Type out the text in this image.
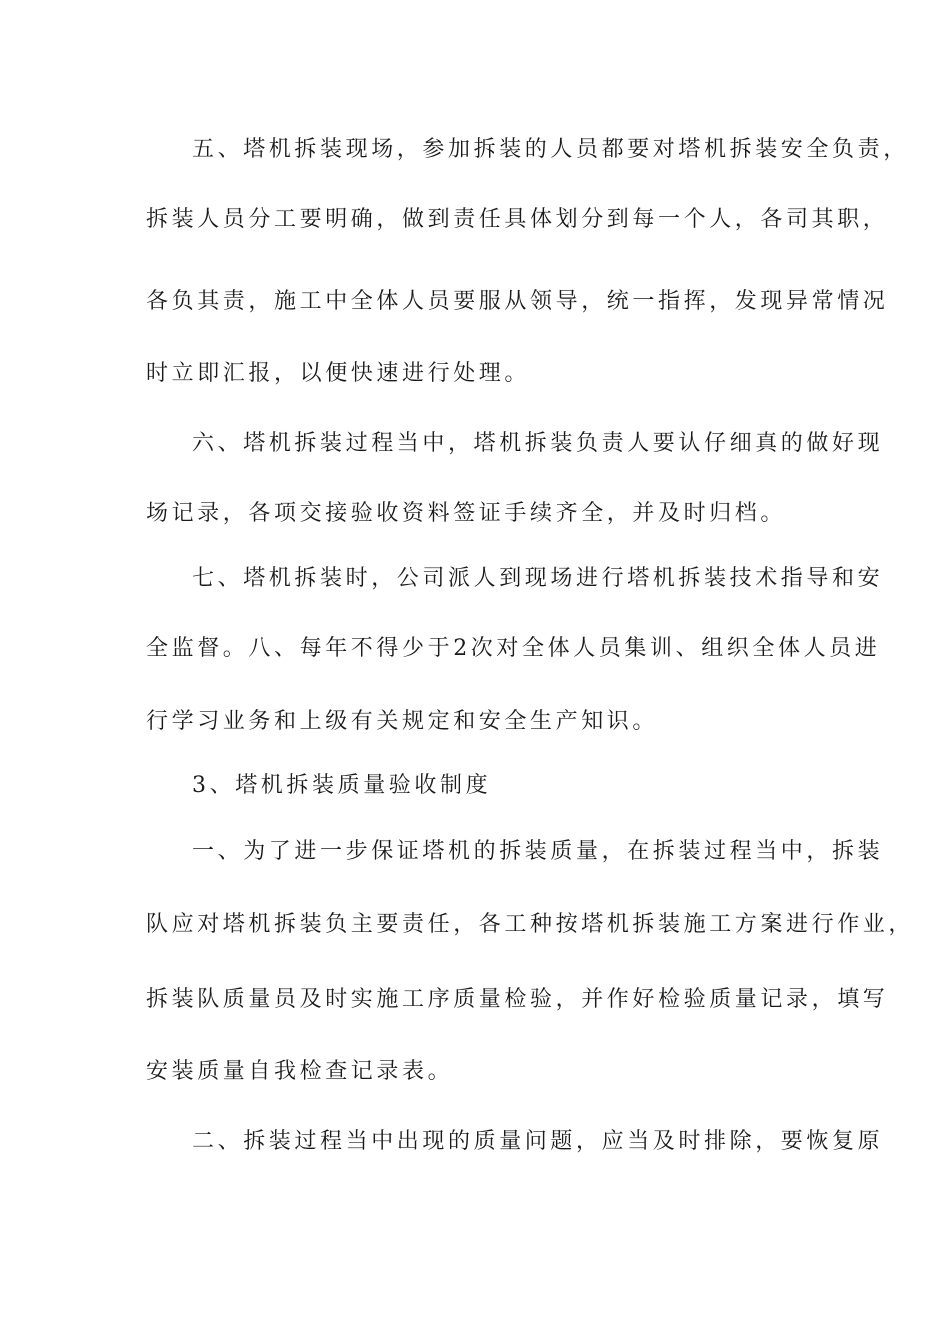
五、塔机拆装现场，参加拆装的人员都要对塔机拆装安全负责，
拆装人员分工要明确，做到责任具体划分到每一个人，各司其职，
各负其责，施工中全体人员要服从领导，统一指挥，发现异常情况
时立即汇报，以便快速进行处理。
六、塔机拆装过程当中，塔机拆装负责人要认仔细真的做好现
场记录，各项交接验收资料签证手续齐全，并及时归档。
七、塔机拆装时，公司派人到现场进行塔机拆装技术指导和安
全监督。八、每年不得少于2次对全体人员集训、组织全体人员进
行学习业务和上级有关规定和安全生产知识。
3、塔机拆装质量验收制度
一、为了进一步保证塔机的拆装质量，在拆装过程当中，拆装
队应对塔机拆装负主要责任，各工种按塔机拆装施工方案进行作业，
拆装队质量员及时实施工序质量检验，并作好检验质量记录，填写
安装质量自我检查记录表。
二、拆装过程当中出现的质量问题，应当及时排除，要恢复原
